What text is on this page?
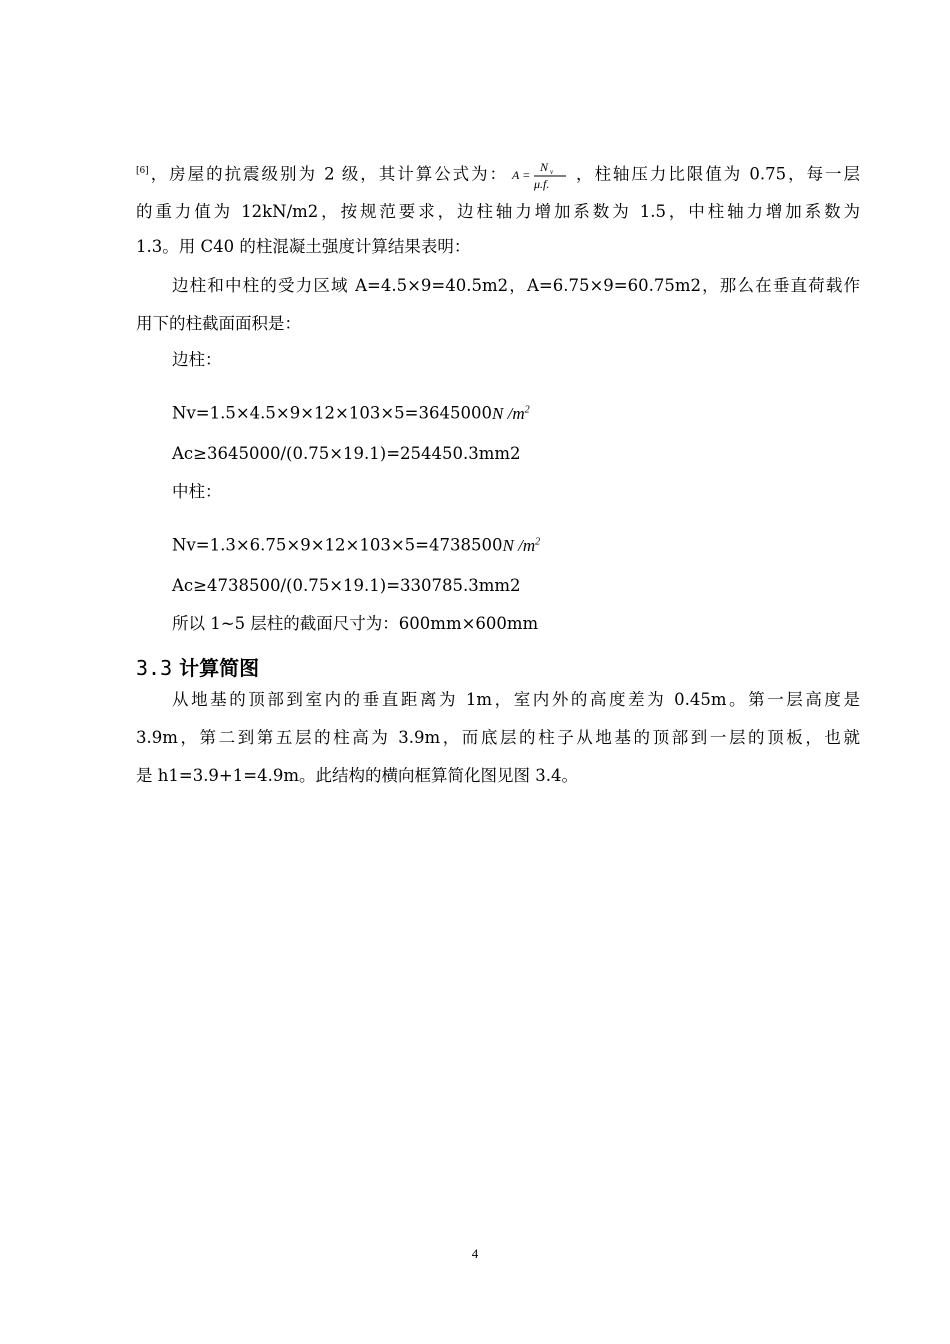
[6]，房屋的抗震级别为 2 级，其计算公式为： A =
N v
μ.f.
，柱轴压力比限值为 0.75，每一层
的重力值为 12kN/m2，按规范要求，边柱轴力增加系数为 1.5，中柱轴力增加系数为
1.3。用 C40 的柱混凝土强度计算结果表明：
边柱和中柱的受力区域 A=4.5×9=40.5m2，A=6.75×9=60.75m2，那么在垂直荷载作
用下的柱截面面积是：
边柱：
Nv=1.5×4.5×9×12×103×5=3645000N $/m^2$
Ac≥3645000/(0.75×19.1)=254450.3mm2
中柱：
Nv=1.3×6.75×9×12×103×5=4738500N $/m^2$
Ac≥4738500/(0.75×19.1)=330785.3mm2
所以 1~5 层柱的截面尺寸为：600mm×600mm
3.3 计算简图
从地基的顶部到室内的垂直距离为 1m，室内外的高度差为 0.45m。第一层高度是
3.9m，第二到第五层的柱高为 3.9m，而底层的柱子从地基的顶部到一层的顶板，也就
是 h1=3.9+1=4.9m。此结构的横向框算简化图见图 3.4。
4
